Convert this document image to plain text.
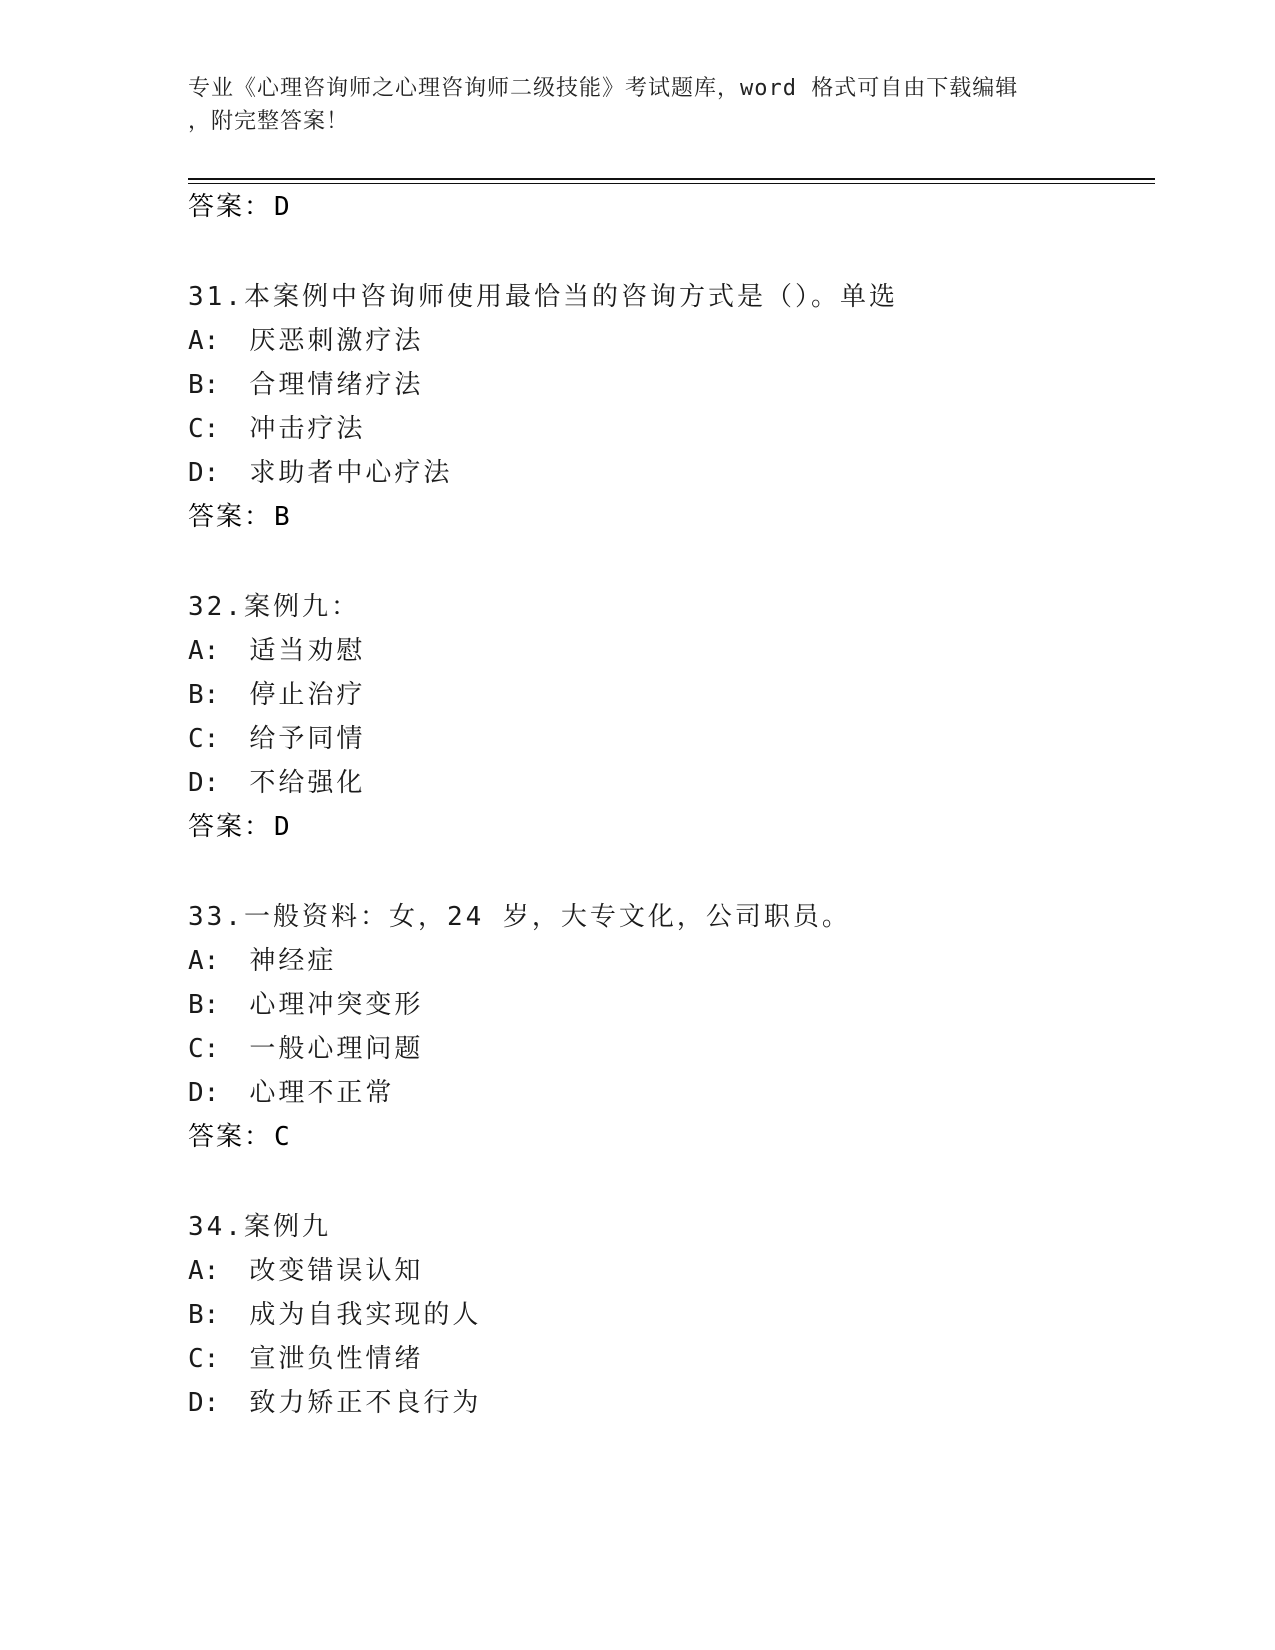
专业《心理咨询师之心理咨询师二级技能》考试题库，word 格式可自由下载编辑
，附完整答案！
答案：D
31.本案例中咨询师使用最恰当的咨询方式是（）。单选
A: 厌恶刺激疗法
B: 合理情绪疗法
C: 冲击疗法
D: 求助者中心疗法
答案：B
32.案例九：
A: 适当劝慰
B: 停止治疗
C: 给予同情
D: 不给强化
答案：D
33.一般资料：女，24 岁，大专文化，公司职员。
A: 神经症
B: 心理冲突变形
C: 一般心理问题
D: 心理不正常
答案：C
34.案例九
A: 改变错误认知
B: 成为自我实现的人
C: 宣泄负性情绪
D: 致力矫正不良行为
